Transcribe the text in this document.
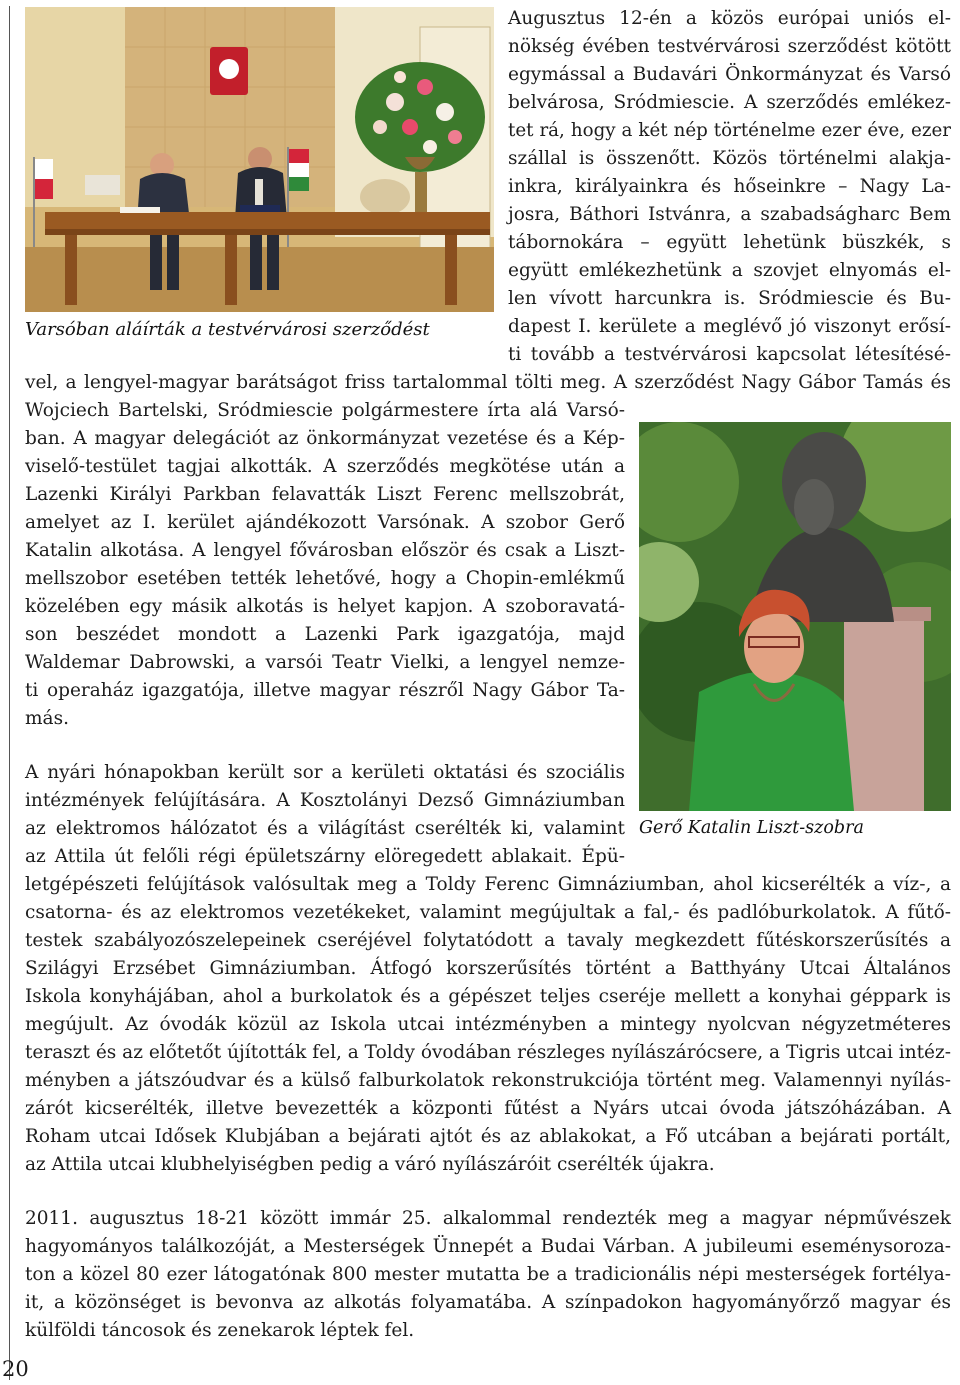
Varsóban aláírták a testvérvárosi szerződést
Gerő Katalin Liszt-szobra
Augusztus 12-én a közös európai uniós el-
nökség évében testvérvárosi szerződést kötött
egymással a Budavári Önkormányzat és Varsó
belvárosa, Sródmiescie. A szerződés emlékez-
tet rá, hogy a két nép történelme ezer éve, ezer
szállal is összenőtt. Közös történelmi alakja-
inkra, királyainkra és hőseinkre – Nagy La-
josra, Báthori Istvánra, a szabadságharc Bem
tábornokára – együtt lehetünk büszkék, s
együtt emlékezhetünk a szovjet elnyomás el-
len vívott harcunkra is. Sródmiescie és Bu-
dapest I. kerülete a meglévő jó viszonyt erősí-
ti tovább a testvérvárosi kapcsolat létesítésé-
vel, a lengyel-magyar barátságot friss tartalommal tölti meg. A szerződést Nagy Gábor Tamás és
Wojciech Bartelski, Sródmiescie polgármestere írta alá Varsó-
ban. A magyar delegációt az önkormányzat vezetése és a Kép-
viselő-testület tagjai alkották. A szerződés megkötése után a
Lazenki Királyi Parkban felavatták Liszt Ferenc mellszobrát,
amelyet az I. kerület ajándékozott Varsónak. A szobor Gerő
Katalin alkotása. A lengyel fővárosban először és csak a Liszt-
mellszobor esetében tették lehetővé, hogy a Chopin-emlékmű
közelében egy másik alkotás is helyet kapjon. A szoboravatá-
son beszédet mondott a Lazenki Park igazgatója, majd
Waldemar Dabrowski, a varsói Teatr Vielki, a lengyel nemze-
ti operaház igazgatója, illetve magyar részről Nagy Gábor Ta-
más.
A nyári hónapokban került sor a kerületi oktatási és szociális
intézmények felújítására. A Kosztolányi Dezső Gimnáziumban
az elektromos hálózatot és a világítást cserélték ki, valamint
az Attila út felőli régi épületszárny elöregedett ablakait. Épü-
letgépészeti felújítások valósultak meg a Toldy Ferenc Gimnáziumban, ahol kicserélték a víz-, a
csatorna- és az elektromos vezetékeket, valamint megújultak a fal,- és padlóburkolatok. A fűtő-
testek szabályozószelepeinek cseréjével folytatódott a tavaly megkezdett fűtéskorszerűsítés a
Szilágyi Erzsébet Gimnáziumban. Átfogó korszerűsítés történt a Batthyány Utcai Általános
Iskola konyhájában, ahol a burkolatok és a gépészet teljes cseréje mellett a konyhai géppark is
megújult. Az óvodák közül az Iskola utcai intézményben a mintegy nyolcvan négyzetméteres
teraszt és az előtetőt újították fel, a Toldy óvodában részleges nyílászárócsere, a Tigris utcai intéz-
ményben a játszóudvar és a külső falburkolatok rekonstrukciója történt meg. Valamennyi nyílás-
zárót kicserélték, illetve bevezették a központi fűtést a Nyárs utcai óvoda játszóházában. A
Roham utcai Idősek Klubjában a bejárati ajtót és az ablakokat, a Fő utcában a bejárati portált,
az Attila utcai klubhelyiségben pedig a váró nyílászáróit cserélték újakra.
2011. augusztus 18-21 között immár 25. alkalommal rendezték meg a magyar népművészek
hagyományos találkozóját, a Mesterségek Ünnepét a Budai Várban. A jubileumi eseménysoroza-
ton a közel 80 ezer látogatónak 800 mester mutatta be a tradicionális népi mesterségek fortélya-
it, a közönséget is bevonva az alkotás folyamatába. A színpadokon hagyományőrző magyar és
külföldi táncosok és zenekarok léptek fel.
20
